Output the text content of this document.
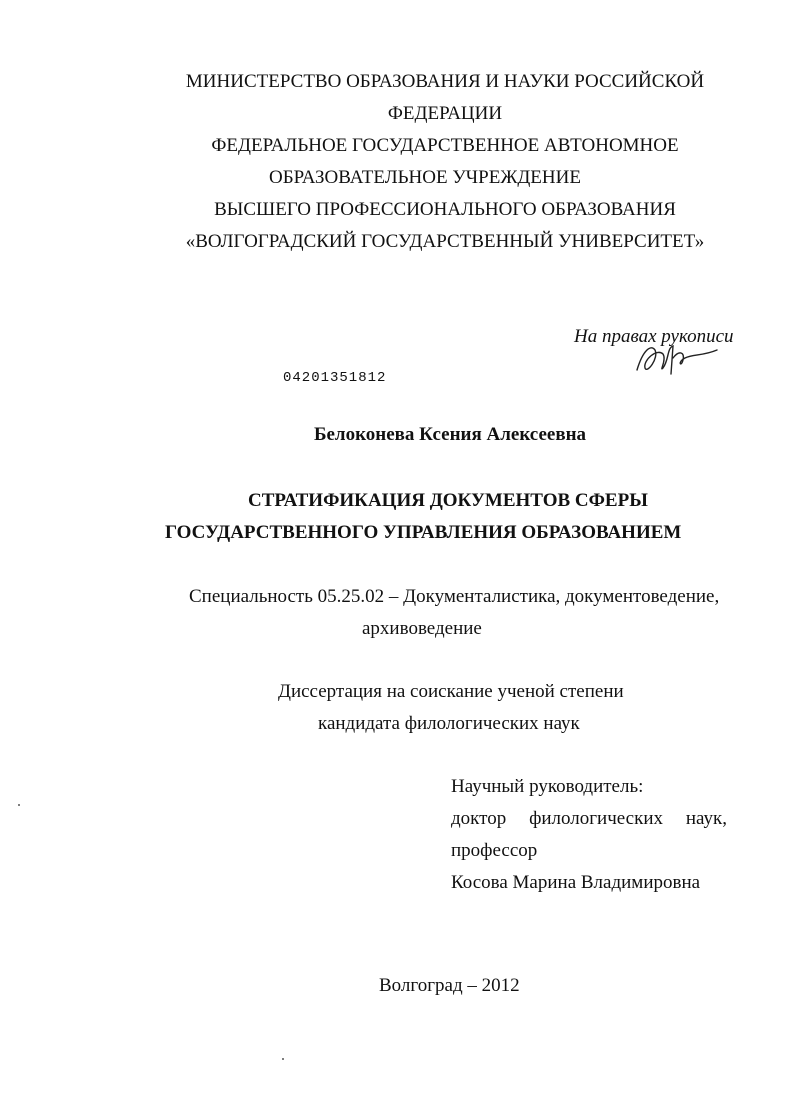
МИНИСТЕРСТВО ОБРАЗОВАНИЯ И НАУКИ РОССИЙСКОЙ
ФЕДЕРАЦИИ
ФЕДЕРАЛЬНОЕ ГОСУДАРСТВЕННОЕ АВТОНОМНОЕ
ОБРАЗОВАТЕЛЬНОЕ УЧРЕЖДЕНИЕ
ВЫСШЕГО ПРОФЕССИОНАЛЬНОГО ОБРАЗОВАНИЯ
«ВОЛГОГРАДСКИЙ ГОСУДАРСТВЕННЫЙ УНИВЕРСИТЕТ»
На правах рукописи
04201351812
Белоконева Ксения Алексеевна
СТРАТИФИКАЦИЯ ДОКУМЕНТОВ СФЕРЫ
ГОСУДАРСТВЕННОГО УПРАВЛЕНИЯ ОБРАЗОВАНИЕМ
Специальность 05.25.02 – Документалистика, документоведение,
архивоведение
Диссертация на соискание ученой степени
кандидата филологических наук
Научный руководитель:
доктор филологических наук,
профессор
Косова Марина Владимировна
Волгоград – 2012
